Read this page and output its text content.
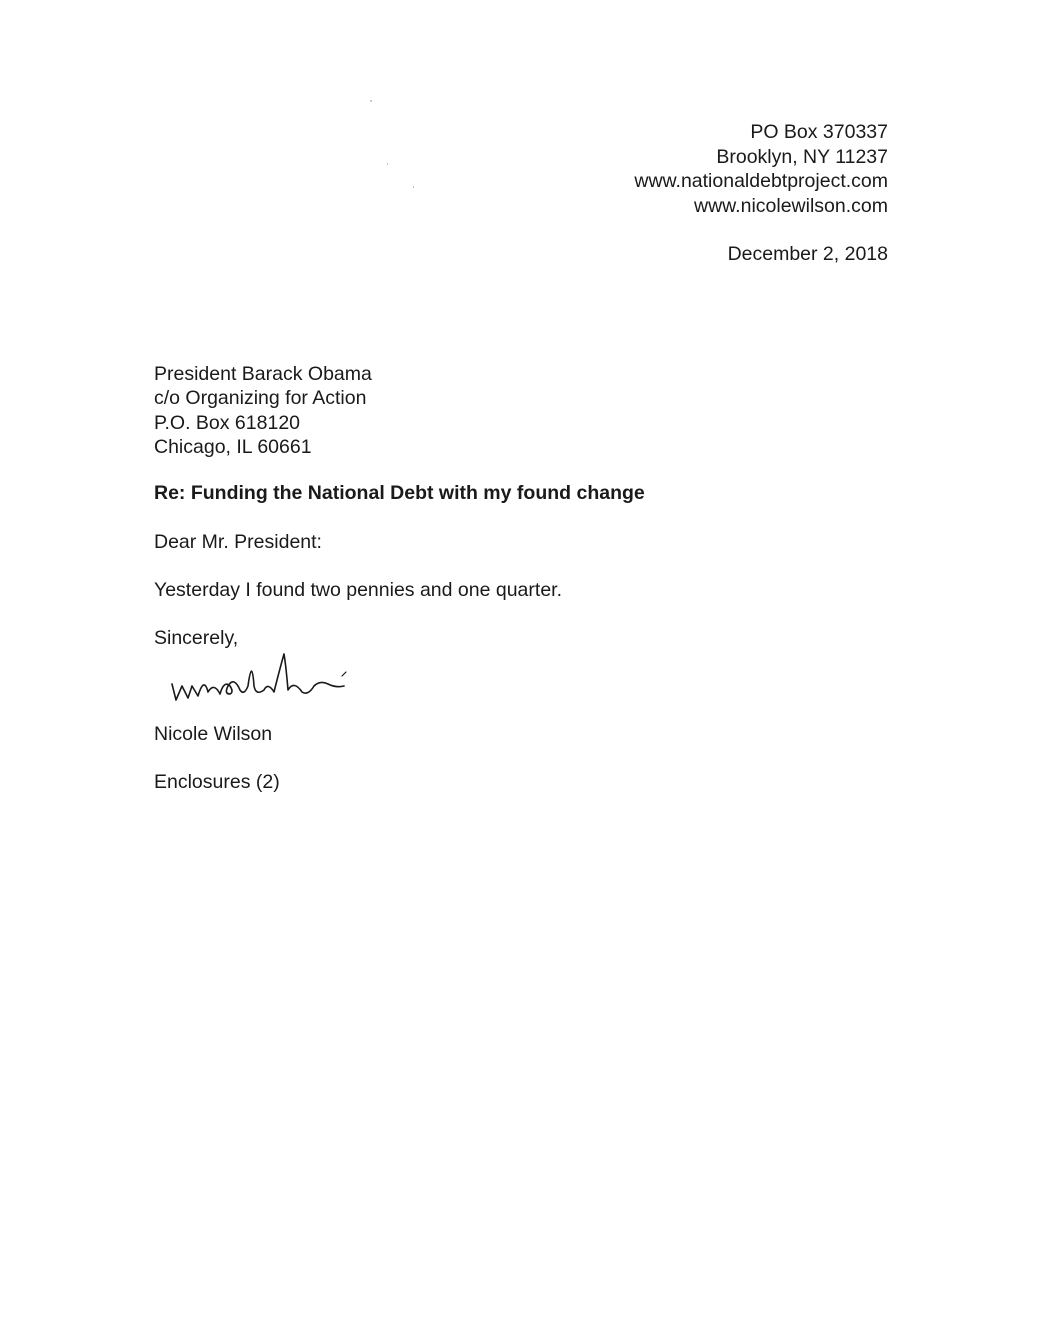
PO Box 370337
Brooklyn, NY 11237
www.nationaldebtproject.com
www.nicolewilson.com
December 2, 2018
President Barack Obama
c/o Organizing for Action
P.O. Box 618120
Chicago, IL 60661
Re: Funding the National Debt with my found change
Dear Mr. President:
Yesterday I found two pennies and one quarter.
Sincerely,
Nicole Wilson
Enclosures (2)
